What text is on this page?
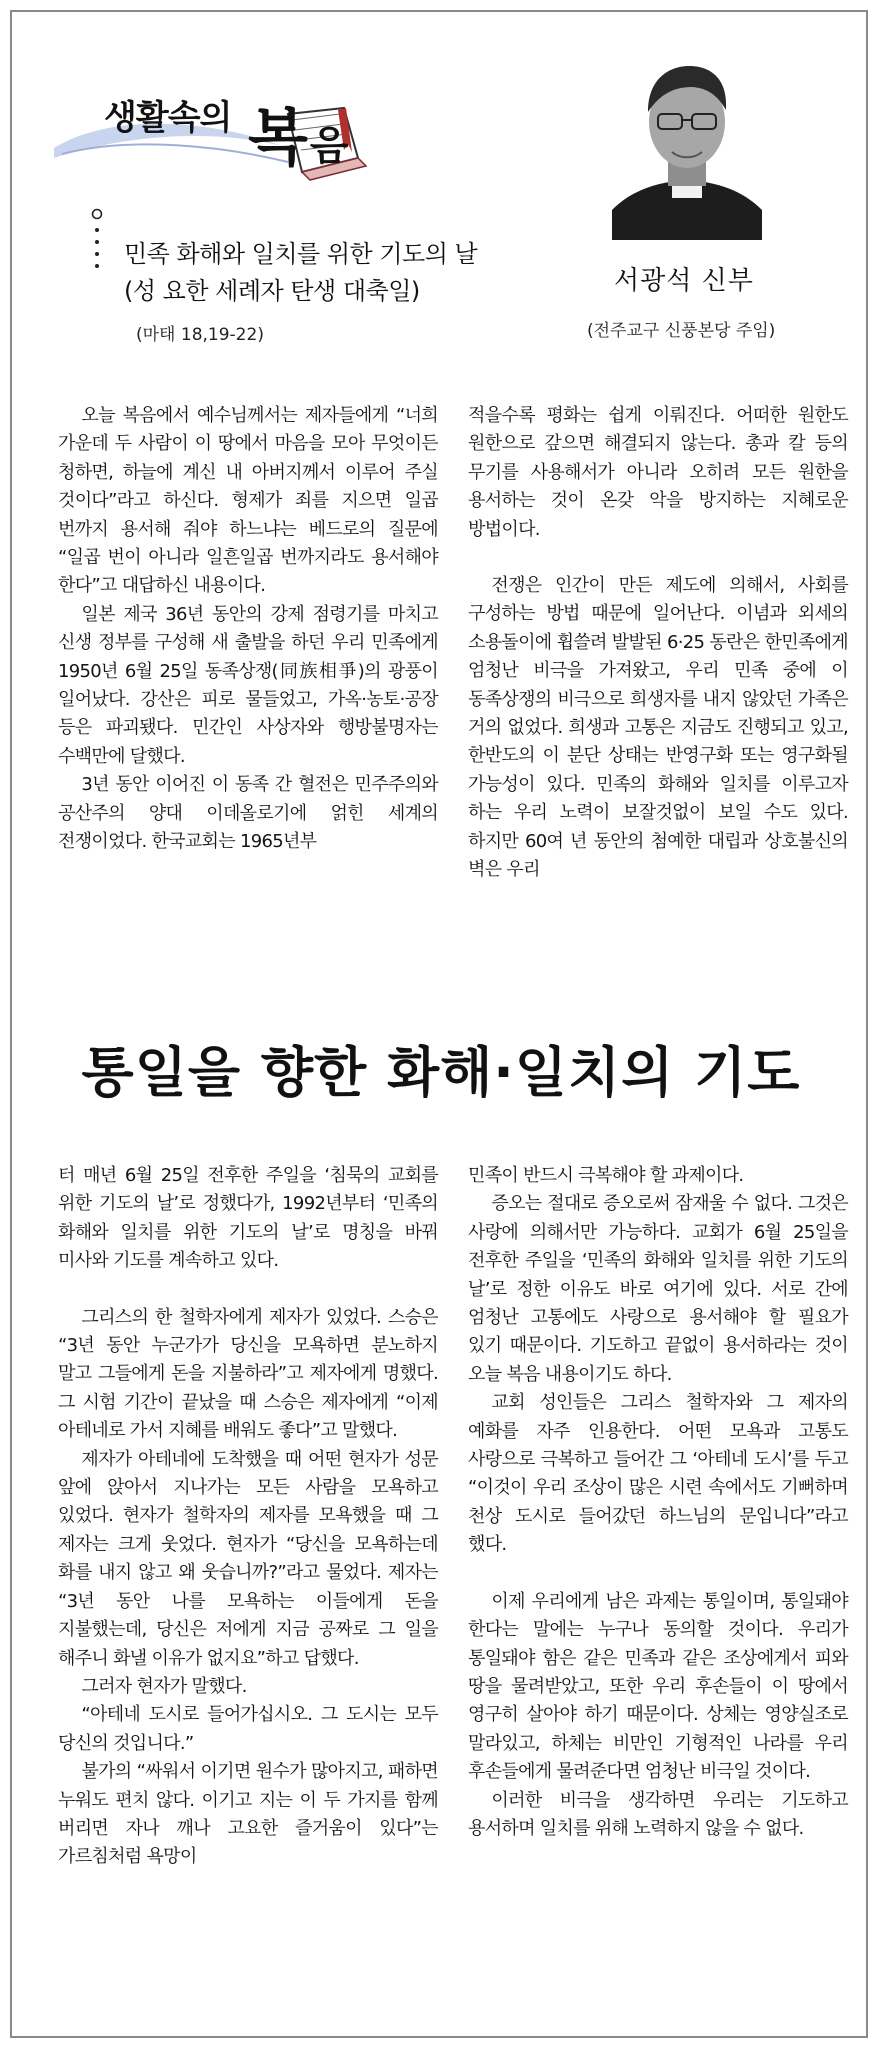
생활속의 복음
민족 화해와 일치를 위한 기도의 날
(성 요한 세례자 탄생 대축일)
(마태 18,19-22)
서광석 신부
(전주교구 신풍본당 주임)

오늘 복음에서 예수님께서는 제자들에게 “너희 가운데 두 사람이 이 땅에서 마음을 모아 무엇이든 청하면, 하늘에 계신 내 아버지께서 이루어 주실 것이다”라고 하신다. 형제가 죄를 지으면 일곱 번까지 용서해 줘야 하느냐는 베드로의 질문에 “일곱 번이 아니라 일흔일곱 번까지라도 용서해야 한다”고 대답하신 내용이다.

일본 제국 36년 동안의 강제 점령기를 마치고 신생 정부를 구성해 새 출발을 하던 우리 민족에게 1950년 6월 25일 동족상쟁(同族相爭)의 광풍이 일어났다. 강산은 피로 물들었고, 가옥·농토·공장 등은 파괴됐다. 민간인 사상자와 행방불명자는 수백만에 달했다.

3년 동안 이어진 이 동족 간 혈전은 민주주의와 공산주의 양대 이데올로기에 얽힌 세계의 전쟁이었다. 한국교회는 1965년부

적을수록 평화는 쉽게 이뤄진다. 어떠한 원한도 원한으로 갚으면 해결되지 않는다. 총과 칼 등의 무기를 사용해서가 아니라 오히려 모든 원한을 용서하는 것이 온갖 악을 방지하는 지혜로운 방법이다.

전쟁은 인간이 만든 제도에 의해서, 사회를 구성하는 방법 때문에 일어난다. 이념과 외세의 소용돌이에 휩쓸려 발발된 6·25 동란은 한민족에게 엄청난 비극을 가져왔고, 우리 민족 중에 이 동족상쟁의 비극으로 희생자를 내지 않았던 가족은 거의 없었다. 희생과 고통은 지금도 진행되고 있고, 한반도의 이 분단 상태는 반영구화 또는 영구화될 가능성이 있다. 민족의 화해와 일치를 이루고자 하는 우리 노력이 보잘것없이 보일 수도 있다. 하지만 60여 년 동안의 첨예한 대립과 상호불신의 벽은 우리

통일을 향한 화해·일치의 기도

터 매년 6월 25일 전후한 주일을 ‘침묵의 교회를 위한 기도의 날’로 정했다가, 1992년부터 ‘민족의 화해와 일치를 위한 기도의 날’로 명칭을 바꿔 미사와 기도를 계속하고 있다.

그리스의 한 철학자에게 제자가 있었다. 스승은 “3년 동안 누군가가 당신을 모욕하면 분노하지 말고 그들에게 돈을 지불하라”고 제자에게 명했다. 그 시험 기간이 끝났을 때 스승은 제자에게 “이제 아테네로 가서 지혜를 배워도 좋다”고 말했다.

제자가 아테네에 도착했을 때 어떤 현자가 성문 앞에 앉아서 지나가는 모든 사람을 모욕하고 있었다. 현자가 철학자의 제자를 모욕했을 때 그 제자는 크게 웃었다. 현자가 “당신을 모욕하는데 화를 내지 않고 왜 웃습니까?”라고 물었다. 제자는 “3년 동안 나를 모욕하는 이들에게 돈을 지불했는데, 당신은 저에게 지금 공짜로 그 일을 해주니 화낼 이유가 없지요”하고 답했다.

그러자 현자가 말했다.

“아테네 도시로 들어가십시오. 그 도시는 모두 당신의 것입니다.”

불가의 “싸워서 이기면 원수가 많아지고, 패하면 누워도 편치 않다. 이기고 지는 이 두 가지를 함께 버리면 자나 깨나 고요한 즐거움이 있다”는 가르침처럼 욕망이

민족이 반드시 극복해야 할 과제이다.

증오는 절대로 증오로써 잠재울 수 없다. 그것은 사랑에 의해서만 가능하다. 교회가 6월 25일을 전후한 주일을 ‘민족의 화해와 일치를 위한 기도의 날’로 정한 이유도 바로 여기에 있다. 서로 간에 엄청난 고통에도 사랑으로 용서해야 할 필요가 있기 때문이다. 기도하고 끝없이 용서하라는 것이 오늘 복음 내용이기도 하다.

교회 성인들은 그리스 철학자와 그 제자의 예화를 자주 인용한다. 어떤 모욕과 고통도 사랑으로 극복하고 들어간 그 ‘아테네 도시’를 두고 “이것이 우리 조상이 많은 시련 속에서도 기뻐하며 천상 도시로 들어갔던 하느님의 문입니다”라고 했다.

이제 우리에게 남은 과제는 통일이며, 통일돼야 한다는 말에는 누구나 동의할 것이다. 우리가 통일돼야 함은 같은 민족과 같은 조상에게서 피와 땅을 물려받았고, 또한 우리 후손들이 이 땅에서 영구히 살아야 하기 때문이다. 상체는 영양실조로 말라있고, 하체는 비만인 기형적인 나라를 우리 후손들에게 물려준다면 엄청난 비극일 것이다.

이러한 비극을 생각하면 우리는 기도하고 용서하며 일치를 위해 노력하지 않을 수 없다.
